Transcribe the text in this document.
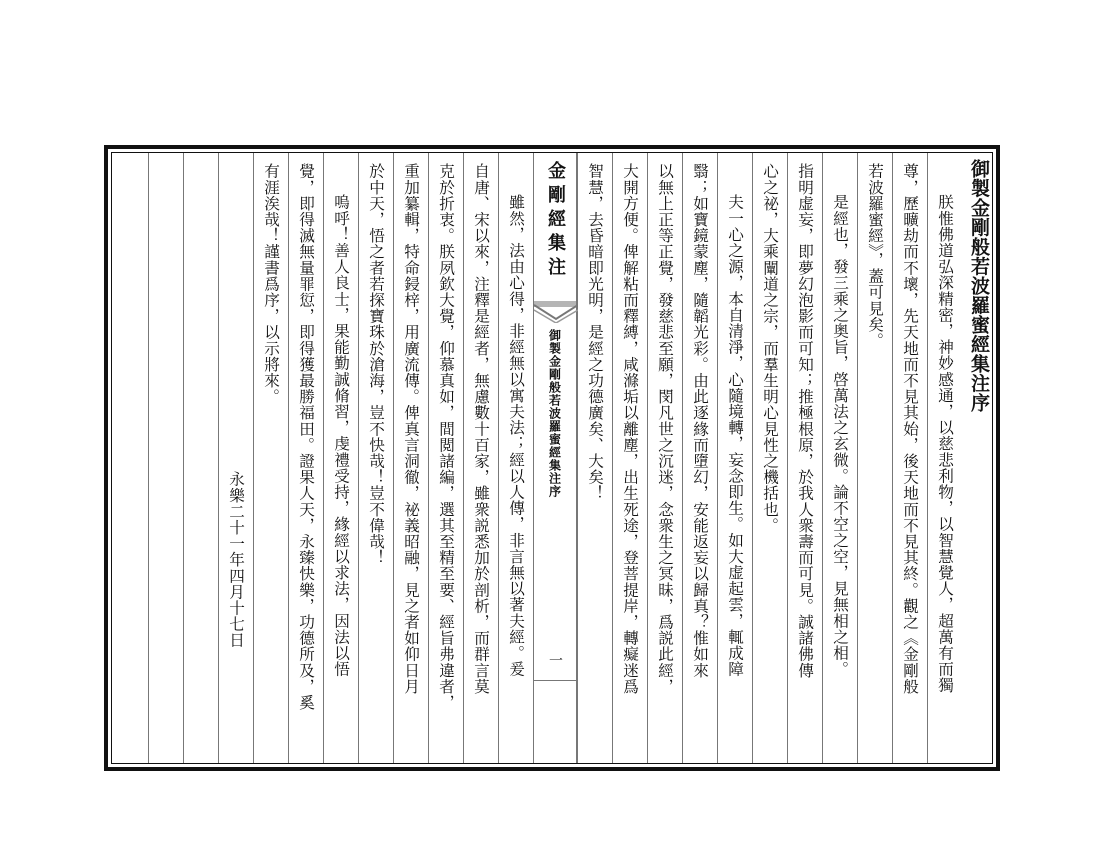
御製金剛般若波羅蜜經集注序
朕惟佛道弘深精密，神妙感通，以慈悲利物，以智慧覺人，超萬有而獨
尊，歷曠劫而不壞，先天地而不見其始，後天地而不見其終。觀之《金剛般
若波羅蜜經》，蓋可見矣。
是經也，發三乘之奥旨，啓萬法之玄微。論不空之空，見無相之相。
指明虚妄，即夢幻泡影而可知；推極根原，於我人衆壽而可見。誠諸佛傳
心之祕，大乘闡道之宗，而羣生明心見性之機括也。
夫一心之源，本自清淨，心隨境轉，妄念即生。如大虚起雲，輒成障
翳；如寶鏡蒙塵，隨韜光彩。由此逐緣而墮幻，安能返妄以歸真？惟如來
以無上正等正覺，發慈悲至願，閔凡世之沉迷，念衆生之冥昧，爲説此經，
大開方便。俾解粘而釋縛，咸滌垢以離塵，出生死途，登菩提岸，轉癡迷爲
智慧，去昏暗即光明，是經之功德廣矣、大矣！
金剛經集注
御製金剛般若波羅蜜經集注序
一
雖然，法由心得，非經無以寓夫法；經以人傳，非言無以著夫經。爰
自唐、宋以來，注釋是經者，無慮數十百家，雖衆説悉加於剖析，而群言莫
克於折衷。朕夙欽大覺，仰慕真如，間閲諸編，選其至精至要、經旨弗違者，
重加纂輯，特命鋟梓，用廣流傳。俾真言洞徹，祕義昭融，見之者如仰日月
於中天，悟之者若探寶珠於滄海，豈不快哉！豈不偉哉！
嗚呼！善人良士，果能勤誠脩習，虔禮受持，緣經以求法，因法以悟
覺，即得滅無量罪愆，即得獲最勝福田。證果人天，永臻快樂，功德所及，奚
有涯涘哉！謹書爲序，以示將來。
永樂二十一年四月十七日
